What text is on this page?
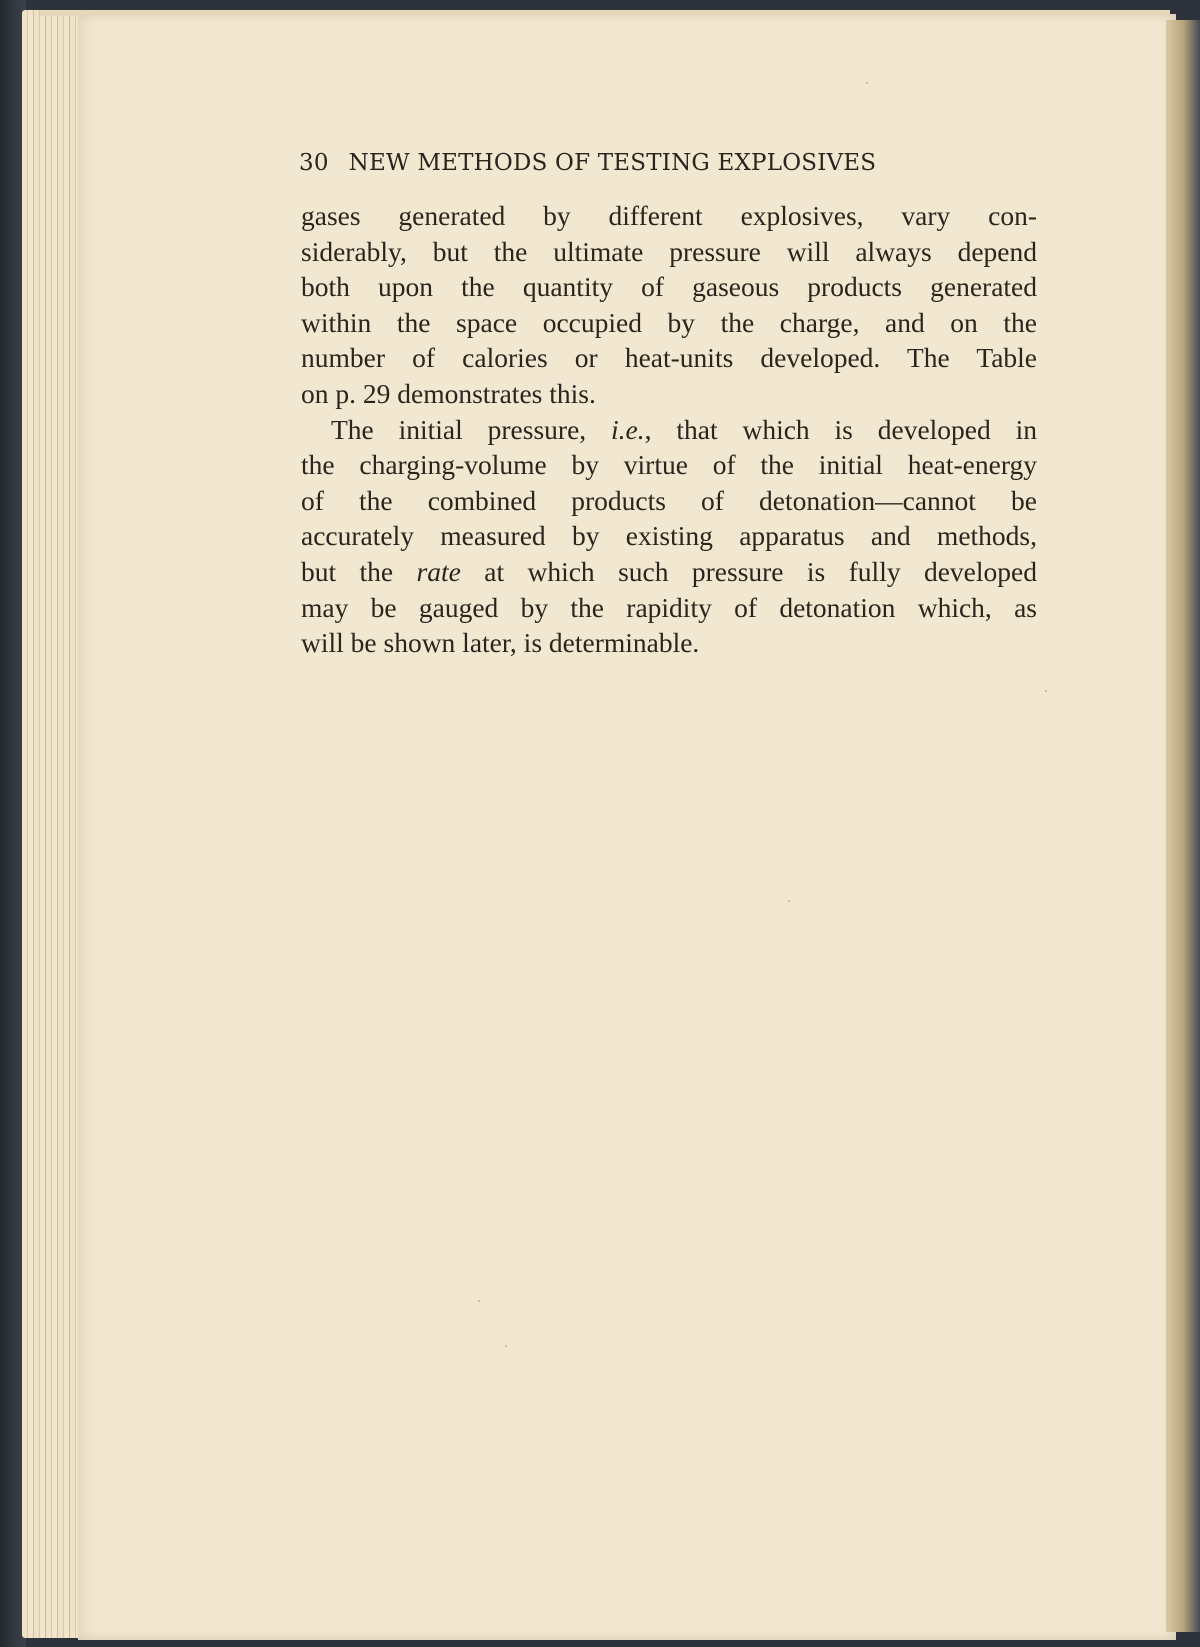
30 NEW METHODS OF TESTING EXPLOSIVES

gases generated by different explosives, vary con-
siderably, but the ultimate pressure will always depend
both upon the quantity of gaseous products generated
within the space occupied by the charge, and on the
number of calories or heat-units developed. The Table
on p. 29 demonstrates this.

The initial pressure, i.e., that which is developed in
the charging-volume by virtue of the initial heat-energy
of the combined products of detonation—cannot be
accurately measured by existing apparatus and methods,
but the rate at which such pressure is fully developed
may be gauged by the rapidity of detonation which, as
will be shown later, is determinable.
